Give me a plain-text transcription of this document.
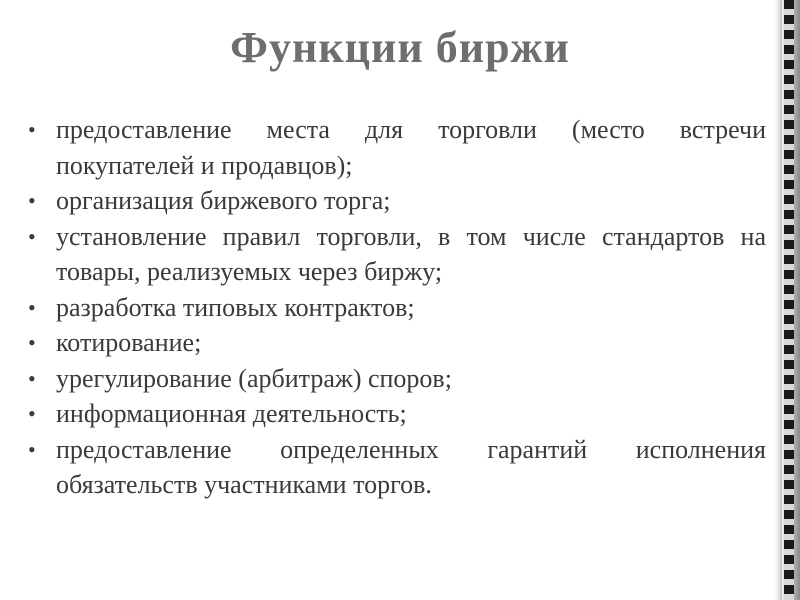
Функции биржи
• предоставление места для торговли (место встречи покупателей и продавцов);
• организация биржевого торга;
• установление правил торговли, в том числе стандартов на товары, реализуемых через биржу;
• разработка типовых контрактов;
• котирование;
• урегулирование (арбитраж) споров;
• информационная деятельность;
• предоставление определенных гарантий исполнения обязательств участниками торгов.
